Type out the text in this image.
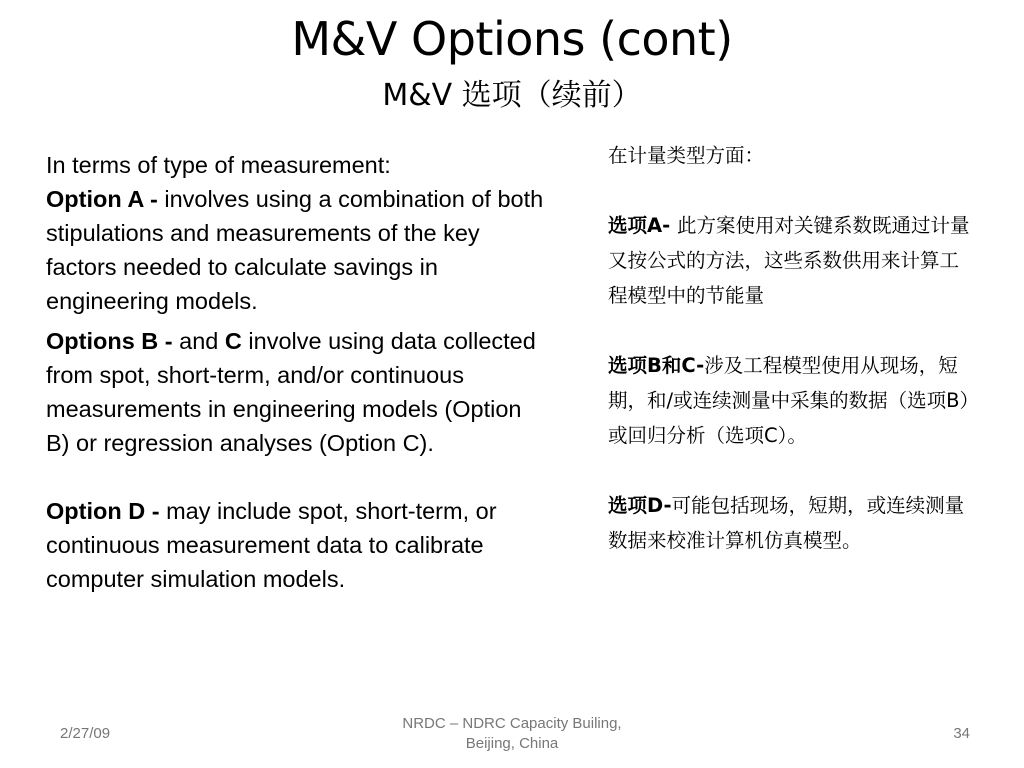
M&V Options (cont)
M&V 选项（续前）

In terms of type of measurement:

Option A - involves using a combination of both stipulations and measurements of the key factors needed to calculate savings in engineering models.

Options B - and C involve using data collected from spot, short-term, and/or continuous measurements in engineering models (Option B) or regression analyses (Option C).

Option D - may include spot, short-term, or continuous measurement data to calibrate computer simulation models.

在计量类型方面：

选项A- 此方案使用对关键系数既通过计量又按公式的方法，这些系数供用来计算工程模型中的节能量

选项B和C-涉及工程模型使用从现场，短期，和/或连续测量中采集的数据（选项B）或回归分析（选项C）。

选项D-可能包括现场，短期，或连续测量数据来校准计算机仿真模型。

2/27/09
NRDC – NDRC Capacity Builing, Beijing, China
34
